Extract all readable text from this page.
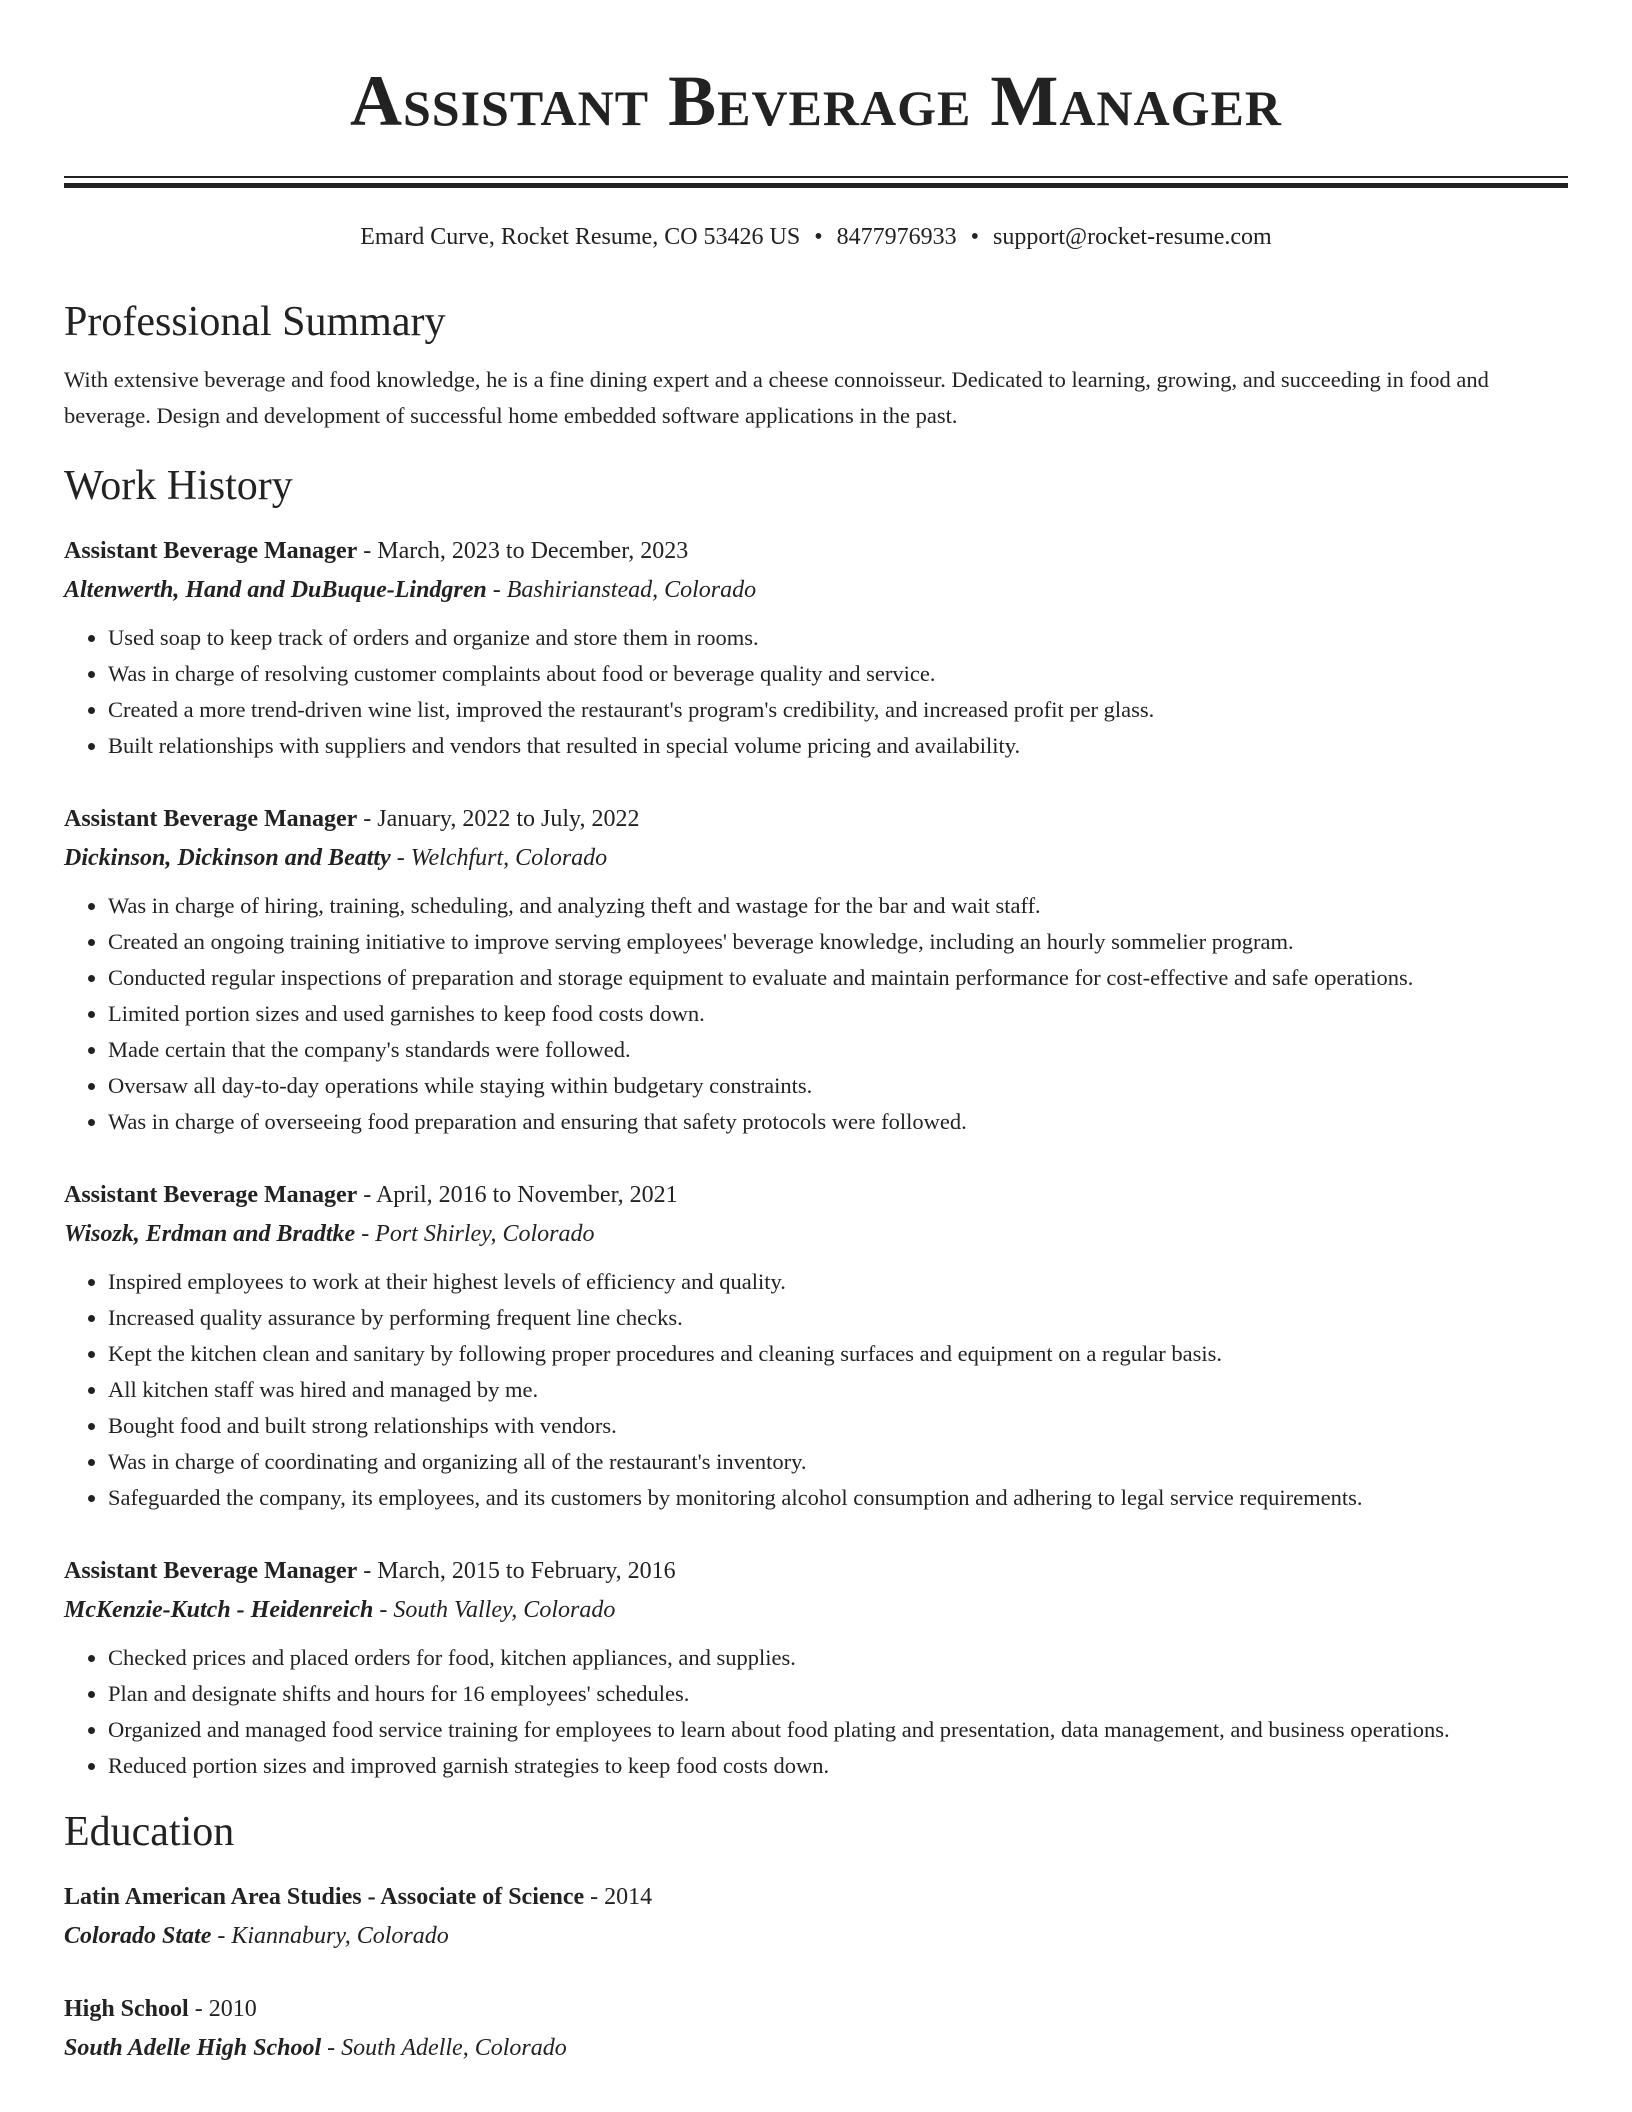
Assistant Beverage Manager
Emard Curve, Rocket Resume, CO 53426 US • 8477976933 • support@rocket-resume.com
Professional Summary
With extensive beverage and food knowledge, he is a fine dining expert and a cheese connoisseur. Dedicated to learning, growing, and succeeding in food and beverage. Design and development of successful home embedded software applications in the past.
Work History
Assistant Beverage Manager - March, 2023 to December, 2023
Altenwerth, Hand and DuBuque-Lindgren - Bashirianstead, Colorado
• Used soap to keep track of orders and organize and store them in rooms.
• Was in charge of resolving customer complaints about food or beverage quality and service.
• Created a more trend-driven wine list, improved the restaurant's program's credibility, and increased profit per glass.
• Built relationships with suppliers and vendors that resulted in special volume pricing and availability.
Assistant Beverage Manager - January, 2022 to July, 2022
Dickinson, Dickinson and Beatty - Welchfurt, Colorado
• Was in charge of hiring, training, scheduling, and analyzing theft and wastage for the bar and wait staff.
• Created an ongoing training initiative to improve serving employees' beverage knowledge, including an hourly sommelier program.
• Conducted regular inspections of preparation and storage equipment to evaluate and maintain performance for cost-effective and safe operations.
• Limited portion sizes and used garnishes to keep food costs down.
• Made certain that the company's standards were followed.
• Oversaw all day-to-day operations while staying within budgetary constraints.
• Was in charge of overseeing food preparation and ensuring that safety protocols were followed.
Assistant Beverage Manager - April, 2016 to November, 2021
Wisozk, Erdman and Bradtke - Port Shirley, Colorado
• Inspired employees to work at their highest levels of efficiency and quality.
• Increased quality assurance by performing frequent line checks.
• Kept the kitchen clean and sanitary by following proper procedures and cleaning surfaces and equipment on a regular basis.
• All kitchen staff was hired and managed by me.
• Bought food and built strong relationships with vendors.
• Was in charge of coordinating and organizing all of the restaurant's inventory.
• Safeguarded the company, its employees, and its customers by monitoring alcohol consumption and adhering to legal service requirements.
Assistant Beverage Manager - March, 2015 to February, 2016
McKenzie-Kutch - Heidenreich - South Valley, Colorado
• Checked prices and placed orders for food, kitchen appliances, and supplies.
• Plan and designate shifts and hours for 16 employees' schedules.
• Organized and managed food service training for employees to learn about food plating and presentation, data management, and business operations.
• Reduced portion sizes and improved garnish strategies to keep food costs down.
Education
Latin American Area Studies - Associate of Science - 2014
Colorado State - Kiannabury, Colorado
High School - 2010
South Adelle High School - South Adelle, Colorado
